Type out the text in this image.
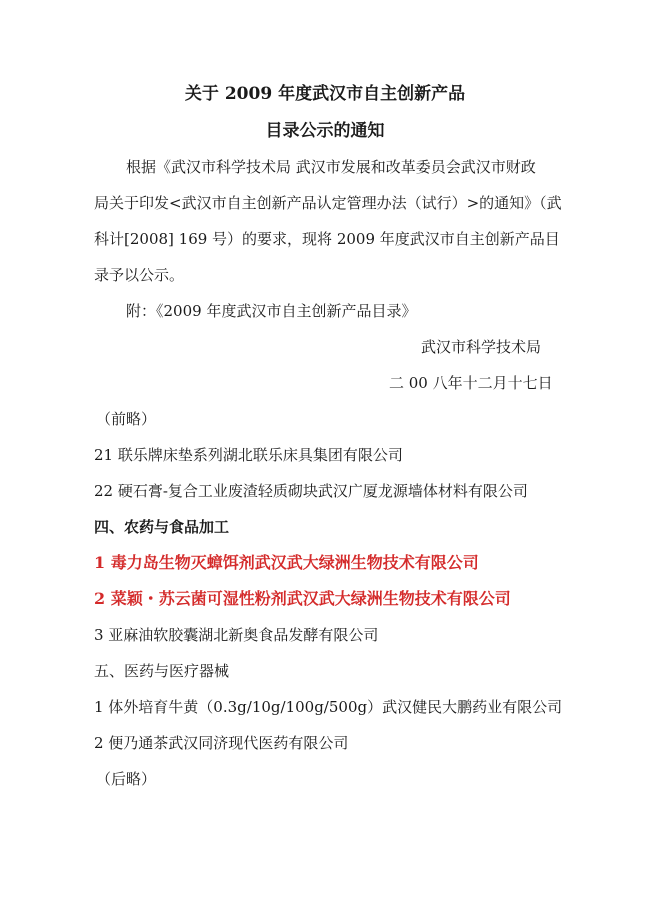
关于 2009 年度武汉市自主创新产品
目录公示的通知
根据《武汉市科学技术局 武汉市发展和改革委员会武汉市财政
局关于印发<武汉市自主创新产品认定管理办法（试行）>的通知》（武
科计[2008] 169 号）的要求，现将 2009 年度武汉市自主创新产品目
录予以公示。
附：《2009 年度武汉市自主创新产品目录》
武汉市科学技术局
二 00 八年十二月十七日
（前略）
21 联乐牌床垫系列湖北联乐床具集团有限公司
22 硬石膏-复合工业废渣轻质砌块武汉广厦龙源墙体材料有限公司
四、农药与食品加工
1 毒力岛生物灭蟑饵剂武汉武大绿洲生物技术有限公司
2 菜颖・苏云菌可湿性粉剂武汉武大绿洲生物技术有限公司
3 亚麻油软胶囊湖北新奥食品发酵有限公司
五、医药与医疗器械
1 体外培育牛黄（0.3g/10g/100g/500g）武汉健民大鹏药业有限公司
2 便乃通茶武汉同济现代医药有限公司
（后略）
